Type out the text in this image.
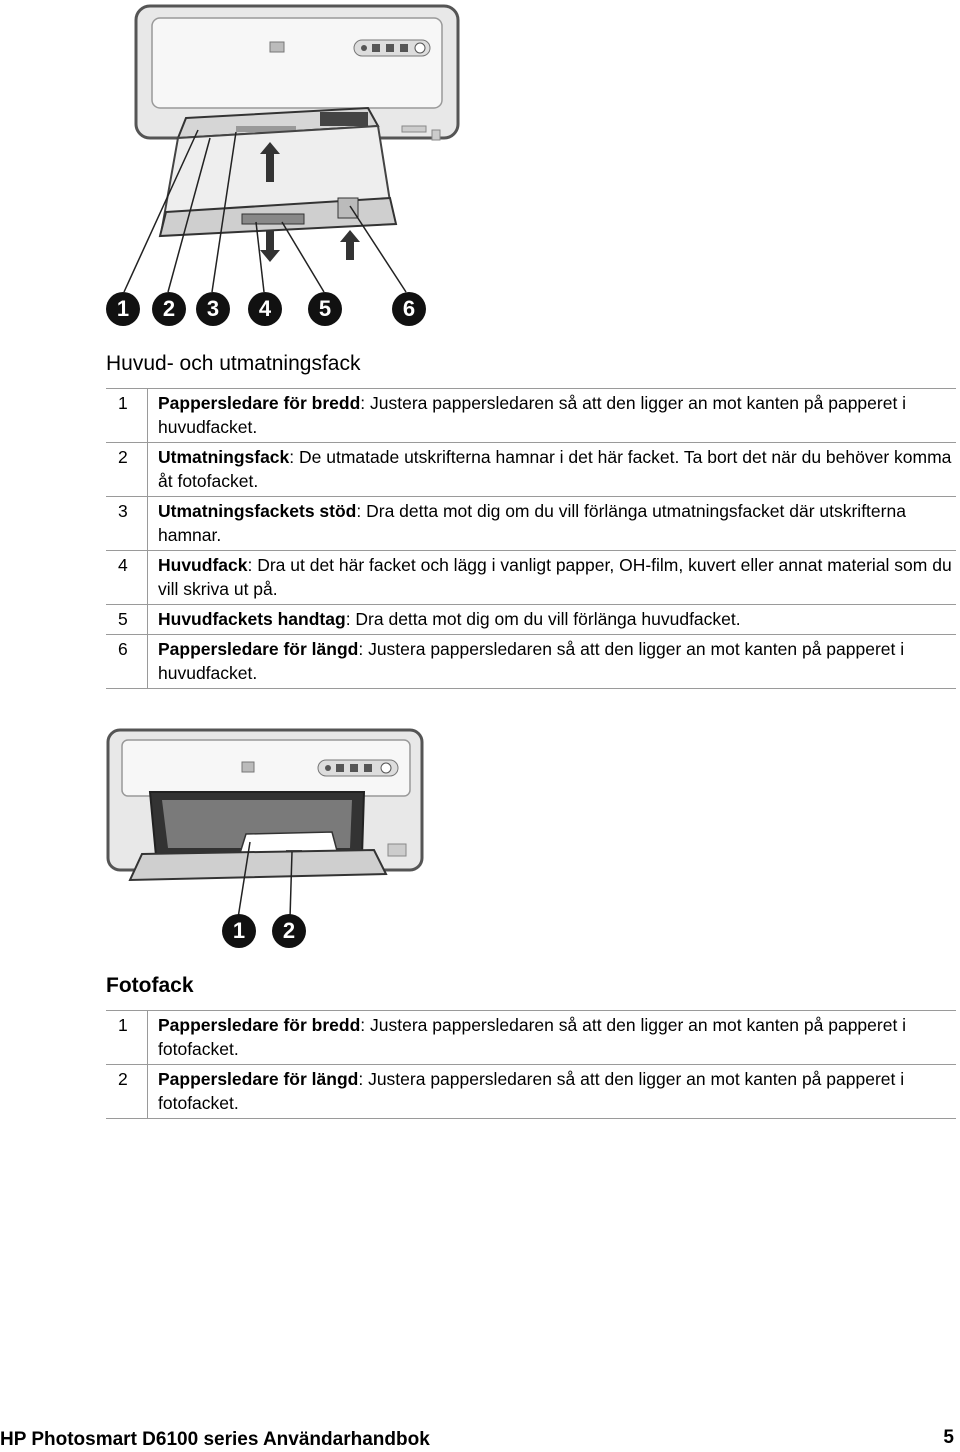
1	2	3	4	5	6
Huvud- och utmatningsfack
1	Pappersledare för bredd: Justera pappersledaren så att den ligger an mot kanten på papperet i huvudfacket.
2	Utmatningsfack: De utmatade utskrifterna hamnar i det här facket. Ta bort det när du behöver komma åt fotofacket.
3	Utmatningsfackets stöd: Dra detta mot dig om du vill förlänga utmatningsfacket där utskrifterna hamnar.
4	Huvudfack: Dra ut det här facket och lägg i vanligt papper, OH-film, kuvert eller annat material som du vill skriva ut på.
5	Huvudfackets handtag: Dra detta mot dig om du vill förlänga huvudfacket.
6	Pappersledare för längd: Justera pappersledaren så att den ligger an mot kanten på papperet i huvudfacket.
1	2
Fotofack
1	Pappersledare för bredd: Justera pappersledaren så att den ligger an mot kanten på papperet i fotofacket.
2	Pappersledare för längd: Justera pappersledaren så att den ligger an mot kanten på papperet i fotofacket.
HP Photosmart D6100 series Användarhandbok	5
